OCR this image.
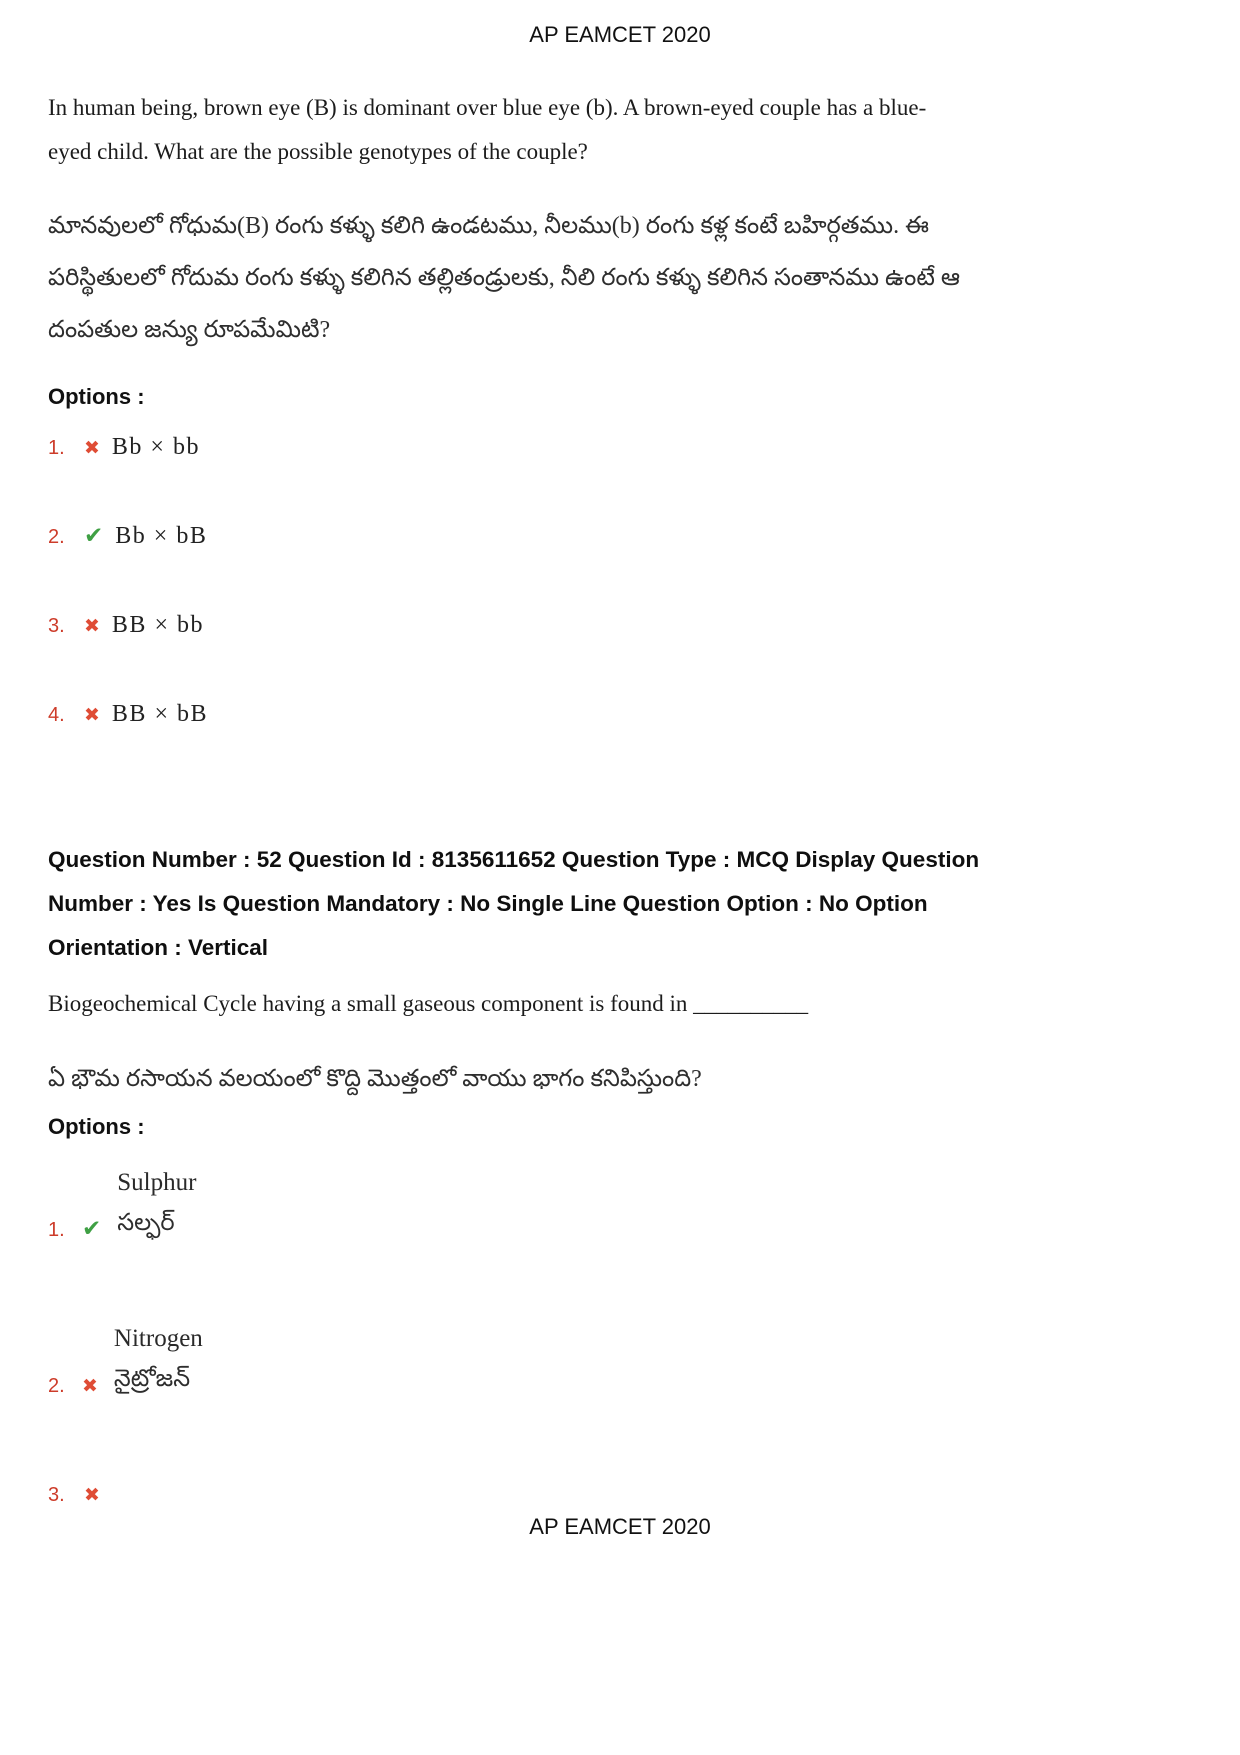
AP EAMCET 2020

In human being, brown eye (B) is dominant over blue eye (b). A brown-eyed couple has a blue-eyed child. What are the possible genotypes of the couple?

మానవులలో గోధుమ(B) రంగు కళ్ళు కలిగి ఉండటము, నీలము(b) రంగు కళ్ల కంటే బహిర్గతము. ఈ పరిస్థితులలో గోదుమ రంగు కళ్ళు కలిగిన తల్లితండ్రులకు, నీలి రంగు కళ్ళు కలిగిన సంతానము ఉంటే ఆ దంపతుల జన్యు రూపమేమిటి?

Options :
1.	✖ Bb × bb
2. ✔ Bb × bB
3.	✖ BB × bb
4.	✖ BB × bB

Question Number : 52 Question Id : 8135611652 Question Type : MCQ Display Question Number : Yes Is Question Mandatory : No Single Line Question Option : No Option Orientation : Vertical

Biogeochemical Cycle having a small gaseous component is found in __________

ఏ భౌమ రసాయన వలయంలో కొద్ది మొత్తంలో వాయు భాగం కనిపిస్తుంది?

Options :
1. ✔
Sulphur
సల్ఫర్
2. ✖
Nitrogen
నైట్రోజన్
3.	✖
AP EAMCET 2020
